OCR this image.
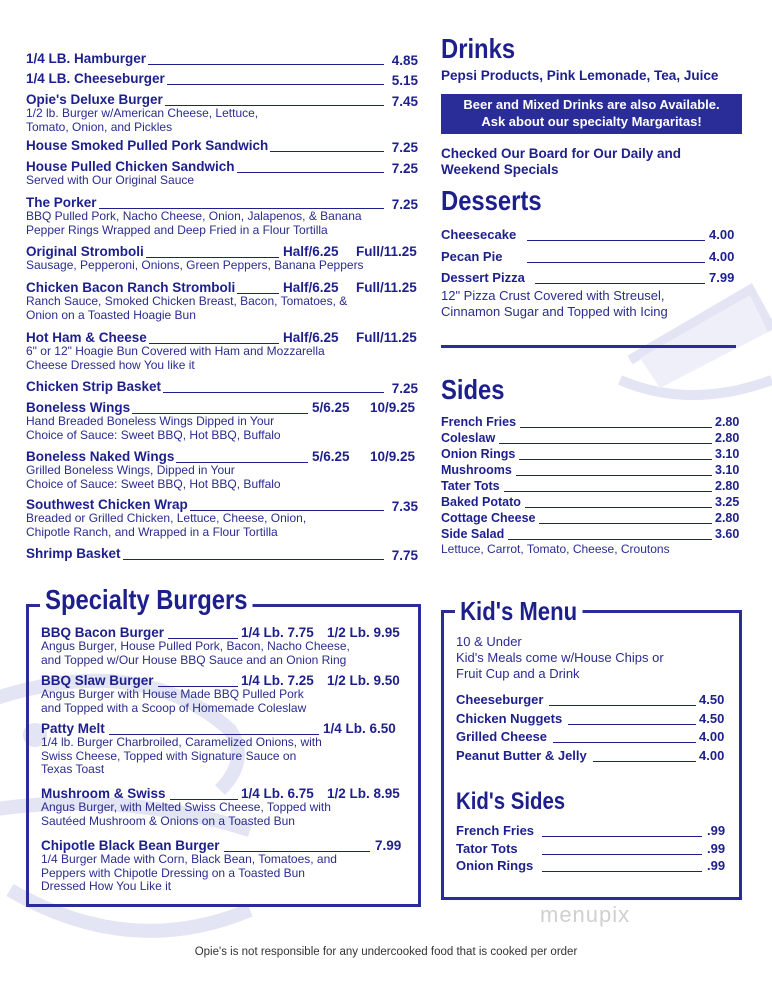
1/4 LB. Hamburger	4.85
1/4 LB. Cheeseburger	5.15
Opie's Deluxe Burger	7.45
1/2 lb. Burger w/American Cheese, Lettuce,
Tomato, Onion, and Pickles
House Smoked Pulled Pork Sandwich	7.25
House Pulled Chicken Sandwich	7.25
Served with Our Original Sauce
The Porker	7.25
BBQ Pulled Pork, Nacho Cheese, Onion, Jalapenos, & Banana
Pepper Rings Wrapped and Deep Fried in a Flour Tortilla
Original Stromboli	Half/6.25 Full/11.25
Sausage, Pepperoni, Onions, Green Peppers, Banana Peppers
Chicken Bacon Ranch Stromboli	Half/6.25 Full/11.25
Ranch Sauce, Smoked Chicken Breast, Bacon, Tomatoes, &
Onion on a Toasted Hoagie Bun
Hot Ham & Cheese	Half/6.25 Full/11.25
6" or 12" Hoagie Bun Covered with Ham and Mozzarella
Cheese Dressed how You like it
Chicken Strip Basket	7.25
Boneless Wings	5/6.25 10/9.25
Hand Breaded Boneless Wings Dipped in Your
Choice of Sauce: Sweet BBQ, Hot BBQ, Buffalo
Boneless Naked Wings	5/6.25 10/9.25
Grilled Boneless Wings, Dipped in Your
Choice of Sauce: Sweet BBQ, Hot BBQ, Buffalo
Southwest Chicken Wrap	7.35
Breaded or Grilled Chicken, Lettuce, Cheese, Onion,
Chipotle Ranch, and Wrapped in a Flour Tortilla
Shrimp Basket	7.75
Drinks
Pepsi Products, Pink Lemonade, Tea, Juice
Beer and Mixed Drinks are also Available.
Ask about our specialty Margaritas!
Checked Our Board for Our Daily and
Weekend Specials
Desserts
Cheesecake	4.00
Pecan Pie	4.00
Dessert Pizza	7.99
12" Pizza Crust Covered with Streusel,
Cinnamon Sugar and Topped with Icing
Sides
French Fries	2.80
Coleslaw	2.80
Onion Rings	3.10
Mushrooms	3.10
Tater Tots	2.80
Baked Potato	3.25
Cottage Cheese	2.80
Side Salad	3.60
Lettuce, Carrot, Tomato, Cheese, Croutons
Specialty Burgers
BBQ Bacon Burger	1/4 Lb. 7.75 1/2 Lb. 9.95
Angus Burger, House Pulled Pork, Bacon, Nacho Cheese,
and Topped w/Our House BBQ Sauce and an Onion Ring
BBQ Slaw Burger	1/4 Lb. 7.25 1/2 Lb. 9.50
Angus Burger with House Made BBQ Pulled Pork
and Topped with a Scoop of Homemade Coleslaw
Patty Melt	1/4 Lb. 6.50
1/4 lb. Burger Charbroiled, Caramelized Onions, with
Swiss Cheese, Topped with Signature Sauce on
Texas Toast
Mushroom & Swiss	1/4 Lb. 6.75 1/2 Lb. 8.95
Angus Burger, with Melted Swiss Cheese, Topped with
Sautéed Mushroom & Onions on a Toasted Bun
Chipotle Black Bean Burger	7.99
1/4 Burger Made with Corn, Black Bean, Tomatoes, and
Peppers with Chipotle Dressing on a Toasted Bun
Dressed How You Like it
Kid's Menu
10 & Under
Kid's Meals come w/House Chips or
Fruit Cup and a Drink
Cheeseburger	4.50
Chicken Nuggets	4.50
Grilled Cheese	4.00
Peanut Butter & Jelly	4.00
Kid's Sides
French Fries	.99
Tator Tots	.99
Onion Rings	.99
menupix
Opie's is not responsible for any undercooked food that is cooked per order
